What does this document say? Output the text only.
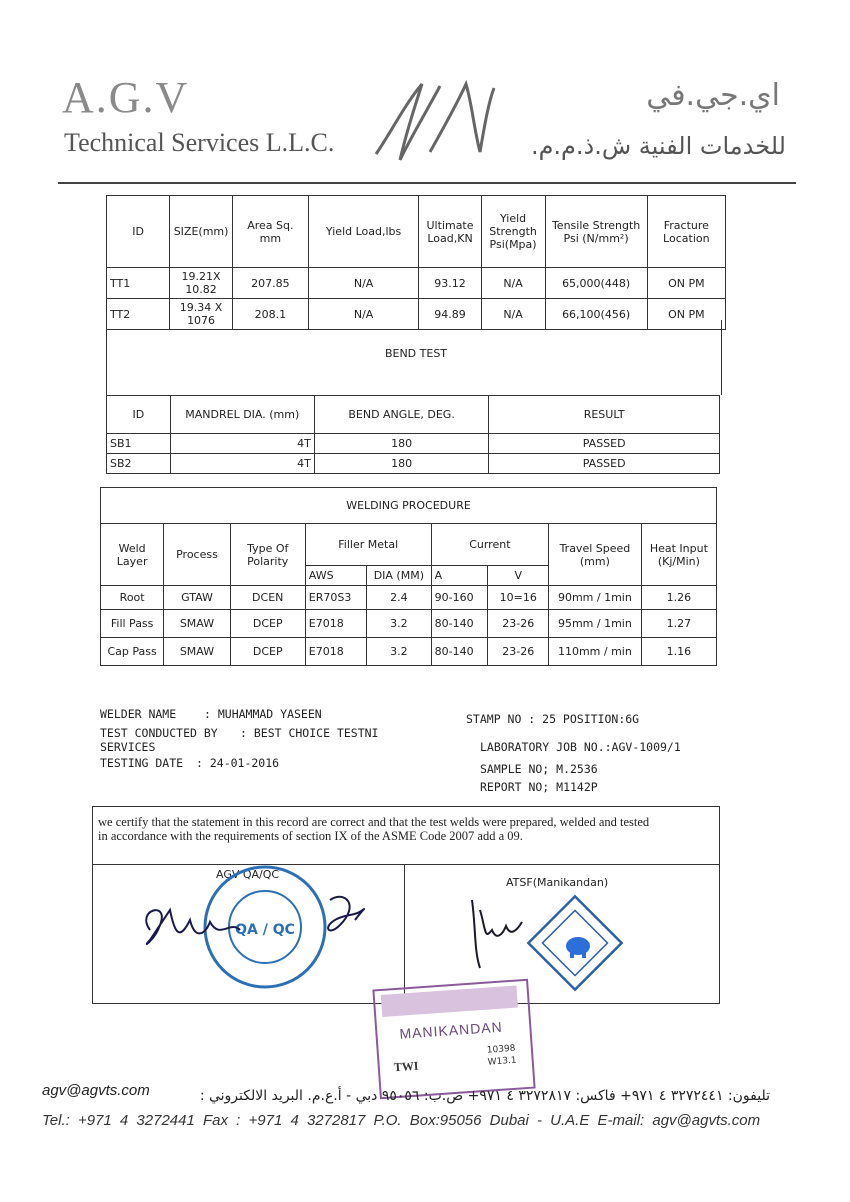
A.G.V
Technical Services L.L.C.
اي.جي.في
للخدمات الفنية ش.ذ.م.م.
ID	SIZE(mm)	Area Sq. mm	Yield Load,lbs	Ultimate Load,KN	Yield Strength Psi(Mpa)	Tensile Strength Psi (N/mm²)	Fracture Location
TT1	19.21X 10.82	207.85	N/A	93.12	N/A	65,000(448)	ON PM
TT2	19.34 X 1076	208.1	N/A	94.89	N/A	66,100(456)	ON PM
BEND TEST
ID	MANDREL DIA. (mm)	BEND ANGLE, DEG.	RESULT
SB1	4T	180	PASSED
SB2	4T	180	PASSED
WELDING PROCEDURE								
Weld Layer	Process	Type Of Polarity	Filler Metal		Current		Travel Speed (mm)	Heat Input (Kj/Min)
			AWS	DIA (MM)	A	V		
Root	GTAW	DCEN	ER70S3	2.4	90-160	10=16	90mm / 1min	1.26
Fill Pass	SMAW	DCEP	E7018	3.2	80-140	23-26	95mm / 1min	1.27
Cap Pass	SMAW	DCEP	E7018	3.2	80-140	23-26	110mm / min	1.16
WELDER NAME : MUHAMMAD YASEEN
TEST CONDUCTED BY : BEST CHOICE TESTNI
SERVICES
TESTING DATE : 24-01-2016
STAMP NO : 25 POSITION:6G
LABORATORY JOB NO.:AGV-1009/1
SAMPLE NO; M.2536
REPORT NO; M1142P
we certify that the statement in this record are correct and that the test welds were prepared, welded and tested in accordance with the requirements of section IX of the ASME Code 2007 add a 09.
AGV QA/QC
ATSF(Manikandan)
QA / QC
MANIKANDAN
TWI
10398
W13.1
agv@agvts.com	تليفون: ٣٢٧٢٤٤١ ٤ ٩٧١+ فاكس: ٣٢٧٢٨١٧ ٤ ٩٧١+ ص.ب: ٩٥٠٥٦ دبي - أ.ع.م. البريد الالكتروني :
Tel.: +971 4 3272441 Fax : +971 4 3272817 P.O. Box:95056 Dubai - U.A.E E-mail: agv@agvts.com
